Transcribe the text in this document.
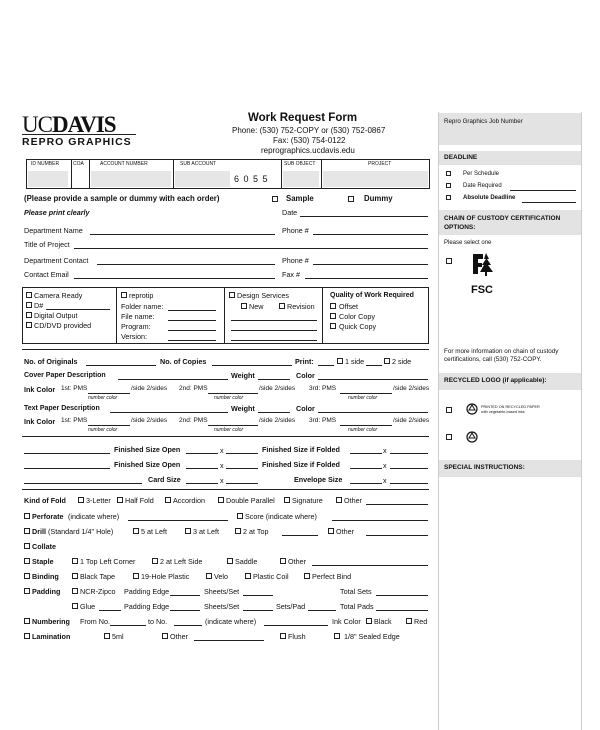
UCDAVIS
REPRO GRAPHICS
Work Request Form
Phone: (530) 752-COPY or (530) 752-0867
Fax: (530) 754-0122
reprographics.ucdavis.edu
ID NUMBER	COA	ACCOUNT NUMBER	SUB ACCOUNT	SUB OBJECT	PROJECT
6 0 5 5
(Please provide a sample or dummy with each order)	Sample	Dummy
Please print clearly	Date
Department Name	Phone #
Title of Project
Department Contact	Phone #
Contact Email	Fax #
Camera Ready
D#
Digital Output
CD/DVD provided
reprotip
Folder name:
File name:
Program:
Version:
Design Services
New	Revision
Quality of Work Required
Offset
Color Copy
Quick Copy
No. of Originals	No. of Copies	Print:	1 side	2 side
Cover Paper Description	Weight	Color
Ink Color 1st: PMS	/side 2/sides 2nd: PMS	/side 2/sides 3rd: PMS	/side 2/sides
number color	number color	number color
Text Paper Description	Weight	Color
Ink Color 1st: PMS	/side 2/sides 2nd: PMS	/side 2/sides 3rd: PMS	/side 2/sides
number color	number color	number color
Finished Size Open	x	Finished Size if Folded	x
Finished Size Open	x	Finished Size if Folded	x
Card Size	x	Envelope Size	x
Kind of Fold	3-Letter Half Fold	Accordion	Double Parallel Signature	Other
Perforate (indicate where)	Score (indicate where)
Drill (Standard 1/4" Hole)	5 at Left	3 at Left	2 at Top	Other
Collate
Staple	1 Top Left Corner	2 at Left Side	Saddle	Other
Binding	Black Tape	19-Hole Plastic	Velo	Plastic Coil	Perfect Bind
Padding	NCR-Zipco Padding Edge	Sheets/Set	Total Sets
Glue	Padding Edge	Sheets/Set	Sets/Pad	Total Pads
Numbering From No.	to No.	(indicate where)	Ink Color Black	Red
Lamination	5ml	Other	Flush	1/8" Sealed Edge
Repro Graphics Job Number
DEADLINE
Per Schedule
Date Required
Absolute Deadline
CHAIN OF CUSTODY CERTIFICATION OPTIONS:
Please select one
FSC
For more information on chain of custody certifications, call (530) 752-COPY.
RECYCLED LOGO (if applicable):
PRINTED ON RECYCLED PAPER with vegetable-based inks
SPECIAL INSTRUCTIONS:
